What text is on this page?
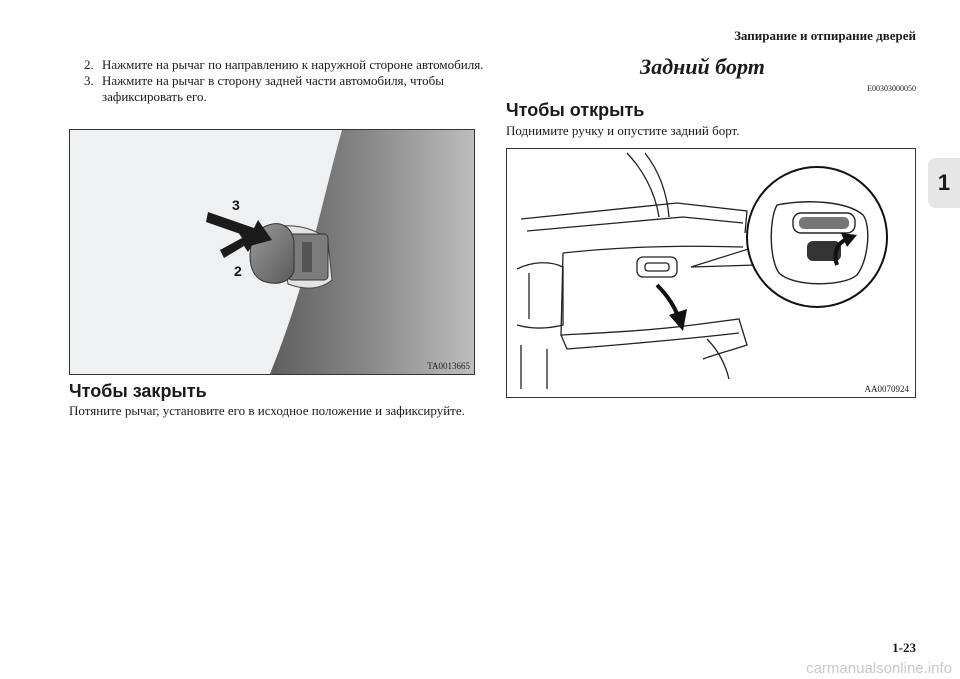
Запирание и отпирание дверей
1

2. Нажмите на рычаг по направлению к наружной стороне автомобиля.

3. Нажмите на рычаг в сторону задней части автомобиля, чтобы зафиксировать его.

3
2
TA0013665
Чтобы закрыть
Потяните рычаг, установите его в исходное положение и зафиксируйте.
Задний борт
E00303000050
Чтобы открыть
Поднимите ручку и опустите задний борт.
AA0070924
1-23
carmanualsonline.info
